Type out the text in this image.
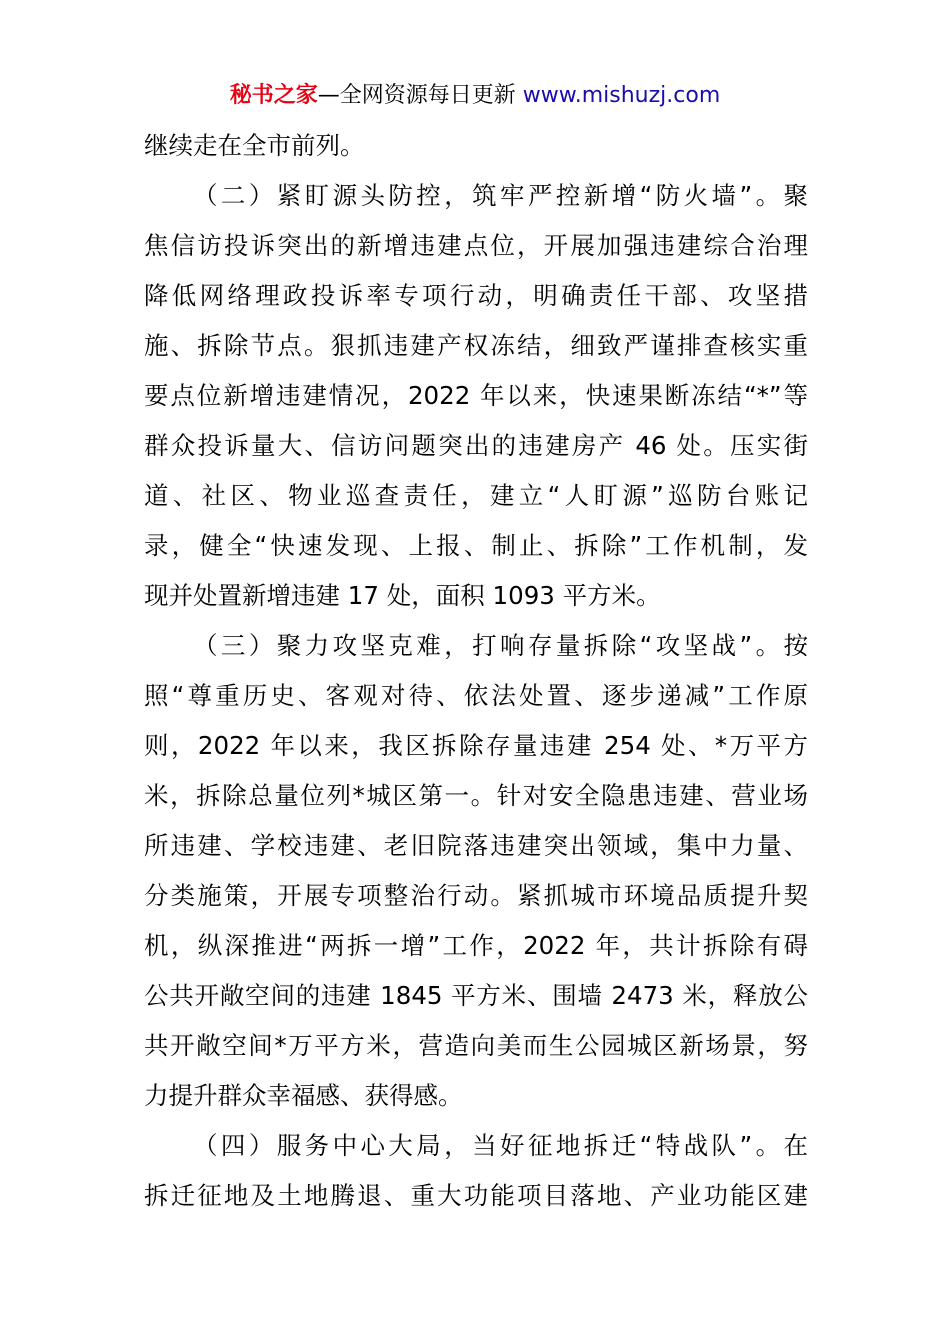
秘书之家—全网资源每日更新 www.mishuzj.com
继续走在全市前列。
（二）紧盯源头防控，筑牢严控新增“防火墙”。聚
焦信访投诉突出的新增违建点位，开展加强违建综合治理
降低网络理政投诉率专项行动，明确责任干部、攻坚措
施、拆除节点。狠抓违建产权冻结，细致严谨排查核实重
要点位新增违建情况，2022 年以来，快速果断冻结“*”等
群众投诉量大、信访问题突出的违建房产 46 处。压实街
道、社区、物业巡查责任，建立“人盯源”巡防台账记
录，健全“快速发现、上报、制止、拆除”工作机制，发
现并处置新增违建 17 处，面积 1093 平方米。
（三）聚力攻坚克难，打响存量拆除“攻坚战”。按
照“尊重历史、客观对待、依法处置、逐步递减”工作原
则，2022 年以来，我区拆除存量违建 254 处、*万平方
米，拆除总量位列*城区第一。针对安全隐患违建、营业场
所违建、学校违建、老旧院落违建突出领域，集中力量、
分类施策，开展专项整治行动。紧抓城市环境品质提升契
机，纵深推进“两拆一增”工作，2022 年，共计拆除有碍
公共开敞空间的违建 1845 平方米、围墙 2473 米，释放公
共开敞空间*万平方米，营造向美而生公园城区新场景，努
力提升群众幸福感、获得感。
（四）服务中心大局，当好征地拆迁“特战队”。在
拆迁征地及土地腾退、重大功能项目落地、产业功能区建
